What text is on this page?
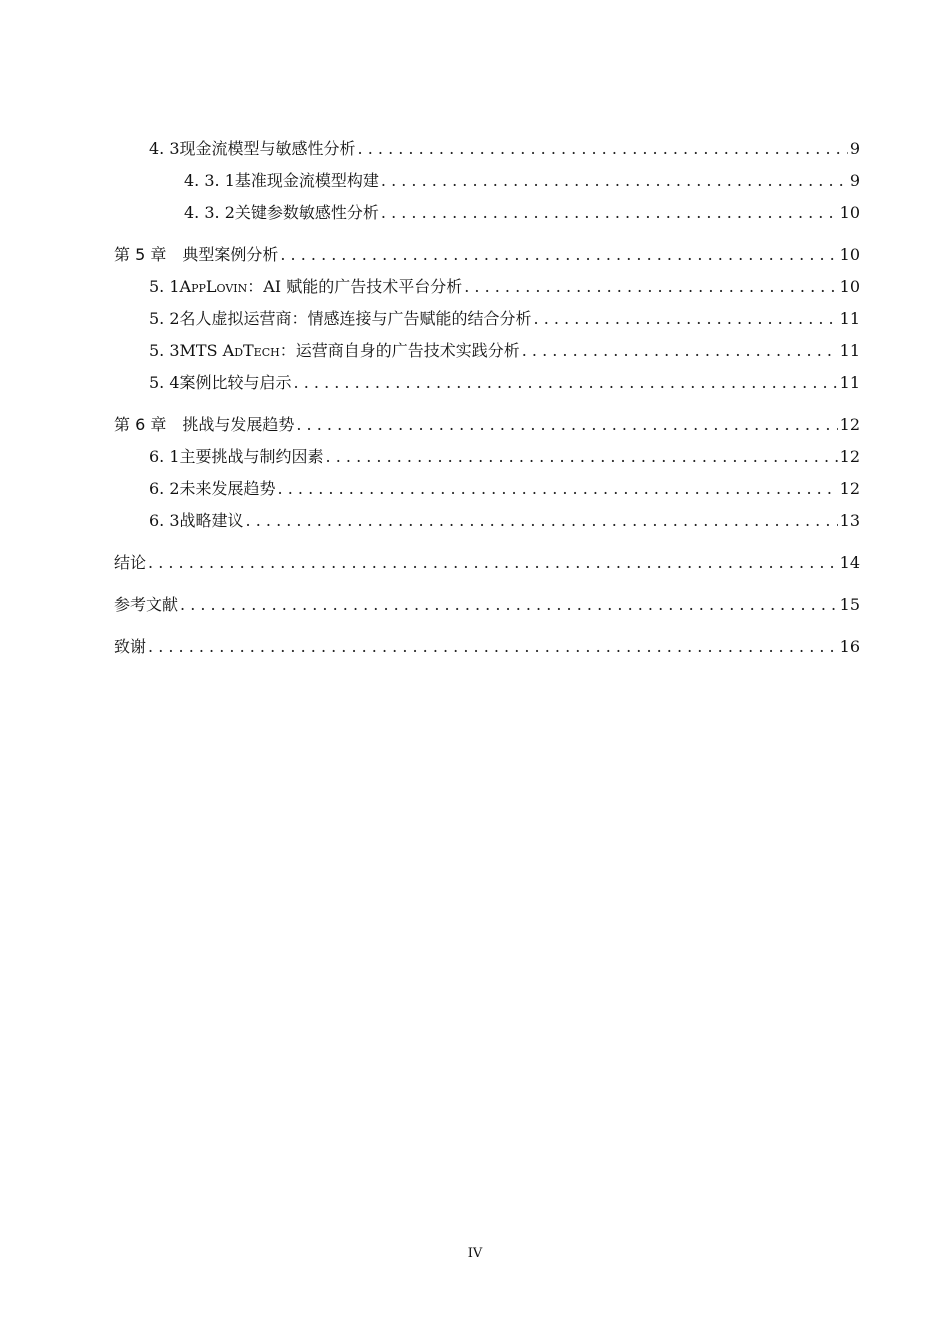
4. 3 现金流模型与敏感性分析 . . .	9
4. 3. 1 基准现金流模型构建 . . .	9
4. 3. 2 关键参数敏感性分析 . . .	10
第 5 章 典型案例分析 . . .	10
5. 1 AppLovin：AI 赋能的广告技术平台分析 . . .	10
5. 2 名人虚拟运营商：情感连接与广告赋能的结合分析 . . .	11
5. 3 MTS AdTech：运营商自身的广告技术实践分析 . . .	11
5. 4 案例比较与启示 . . .	11
第 6 章 挑战与发展趋势 . . .	12
6. 1 主要挑战与制约因素 . . .	12
6. 2 未来发展趋势 . . .	12
6. 3 战略建议 . . .	13
结论 . . .	14
参考文献 . . .	15
致谢 . . .	16
IV
